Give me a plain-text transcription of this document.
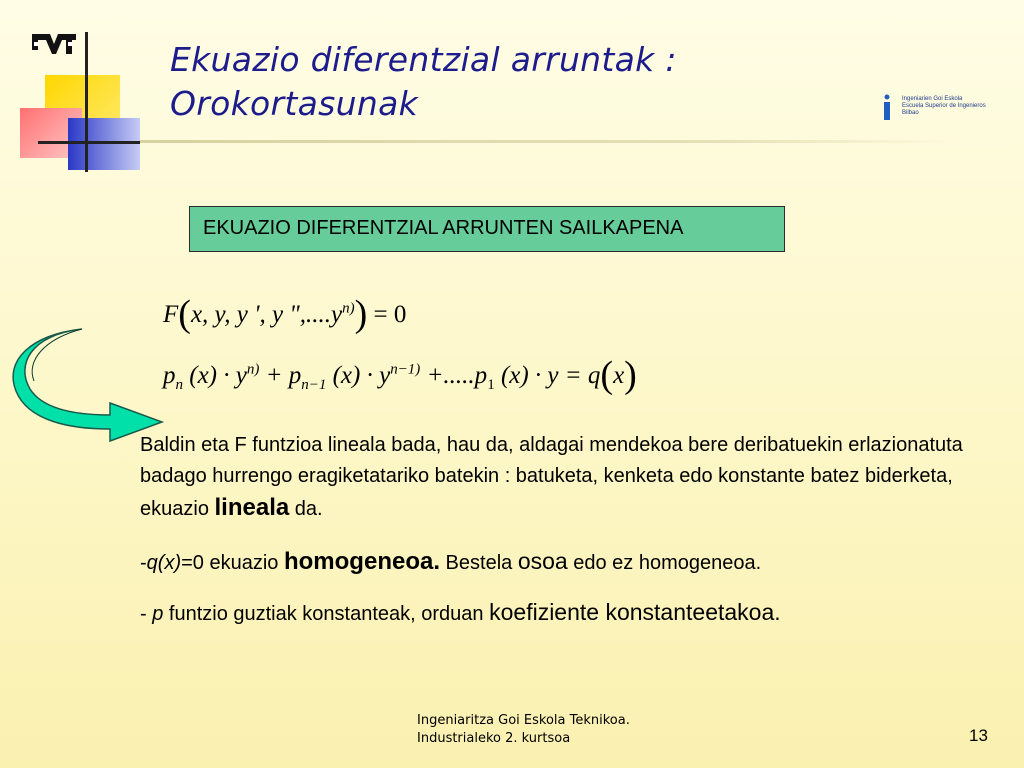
Ekuazio diferentzial arruntak :
Orokortasunak	Ingeniarien Goi Eskola
Escuela Superior de Ingenieros
Bilbao
EKUAZIO DIFERENTZIAL ARRUNTEN SAILKAPENA
F(x, y, y ', y "$,....y^{n)}) = 0$
$p_n$ $(x) \cdot y^{n)} + p_{n-1}$ $(x) \cdot y^{n-1)} +.....p_1$ (x) · y = q(x)
Baldin eta F funtzioa lineala bada, hau da, aldagai mendekoa bere deribatuekin erlazionatuta badago hurrengo eragiketatariko batekin : batuketa, kenketa edo konstante batez biderketa, ekuazio lineala da.
-q(x)=0 ekuazio homogeneoa. Bestela osoa edo ez homogeneoa.
- p funtzio guztiak konstanteak, orduan koefiziente konstanteetakoa.
Ingeniaritza Goi Eskola Teknikoa.
Industrialeko 2. kurtsoa	13
